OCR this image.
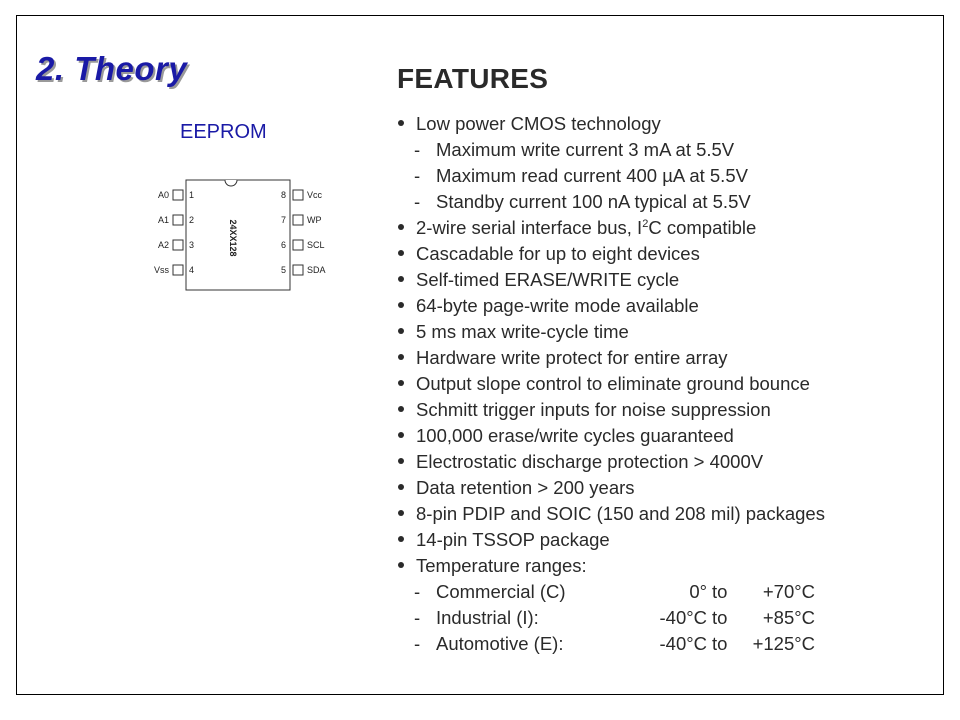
2. Theory
EEPROM
A0
A1
A2
Vss
1
2
3
4
8
7
6
5
Vcc
WP
SCL
SDA
24XX128
FEATURES
Low power CMOS technology
- Maximum write current 3 mA at 5.5V
- Maximum read current 400 µA at 5.5V
- Standby current 100 nA typical at 5.5V
2-wire serial interface bus, $I^2C$ compatible
Cascadable for up to eight devices
Self-timed ERASE/WRITE cycle
64-byte page-write mode available
5 ms max write-cycle time
Hardware write protect for entire array
Output slope control to eliminate ground bounce
Schmitt trigger inputs for noise suppression
100,000 erase/write cycles guaranteed
Electrostatic discharge protection > 4000V
Data retention > 200 years
8-pin PDIP and SOIC (150 and 208 mil) packages
14-pin TSSOP package
Temperature ranges:
- Commercial (C)	0° to	+70°C
- Industrial (I):	-40°C to	+85°C
- Automotive (E):	-40°C to	+125°C
